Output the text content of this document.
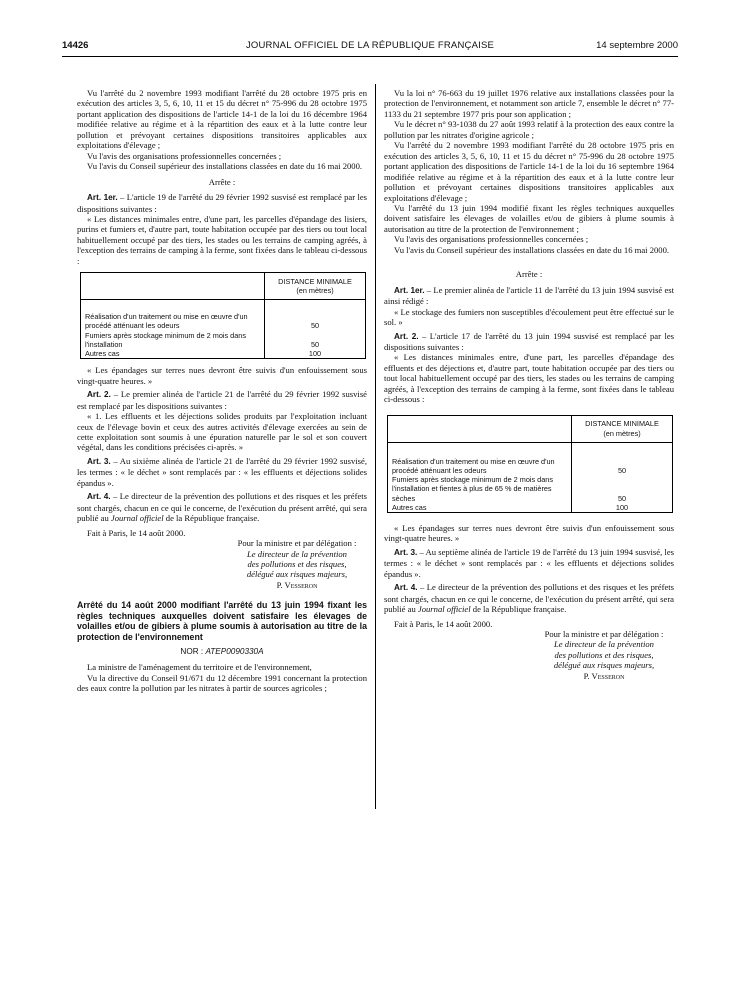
14426	JOURNAL OFFICIEL DE LA RÉPUBLIQUE FRANÇAISE	14 septembre 2000

Vu l'arrêté du 2 novembre 1993 modifiant l'arrêté du 28 octobre 1975 pris en exécution des articles 3, 5, 6, 10, 11 et 15 du décret n° 75-996 du 28 octobre 1975 portant application des dispositions de l'article 14-1 de la loi du 16 décembre 1964 modifiée relative au régime et à la répartition des eaux et à la lutte contre leur pollution et prévoyant certaines dispositions transitoires applicables aux exploitations d'élevage ;

Vu l'avis des organisations professionnelles concernées ;

Vu l'avis du Conseil supérieur des installations classées en date du 16 mai 2000.

Arrête :

Art. 1er. – L'article 19 de l'arrêté du 29 février 1992 susvisé est remplacé par les dispositions suivantes :

« Les distances minimales entre, d'une part, les parcelles d'épandage des lisiers, purins et fumiers et, d'autre part, toute habitation occupée par des tiers ou tout local habituellement occupé par des tiers, les stades ou les terrains de camping agréés, à l'exception des terrains de camping à la ferme, sont fixées dans le tableau ci-dessous :

	DISTANCE MINIMALE
(en mètres)

Réalisation d'un traitement ou mise en œuvre d'un procédé atténuant les odeurs	50
Fumiers après stockage minimum de 2 mois dans l'installation	50
Autres cas	100

« Les épandages sur terres nues devront être suivis d'un enfouissement sous vingt-quatre heures. »

Art. 2. – Le premier alinéa de l'article 21 de l'arrêté du 29 février 1992 susvisé est remplacé par les dispositions suivantes :

« 1. Les effluents et les déjections solides produits par l'exploitation incluant ceux de l'élevage bovin et ceux des autres activités d'élevage exercées au sein de cette exploitation sont soumis à une épuration naturelle par le sol et son couvert végétal, dans les conditions précisées ci-après. »

Art. 3. – Au sixième alinéa de l'article 21 de l'arrêté du 29 février 1992 susvisé, les termes : « le déchet » sont remplacés par : « les effluents et déjections solides épandus ».

Art. 4. – Le directeur de la prévention des pollutions et des risques et les préfets sont chargés, chacun en ce qui le concerne, de l'exécution du présent arrêté, qui sera publié au Journal officiel de la République française.

Fait à Paris, le 14 août 2000.

Pour la ministre et par délégation :

Le directeur de la prévention

des pollutions et des risques,

délégué aux risques majeurs,

P. Vesseron

Arrêté du 14 août 2000 modifiant l'arrêté du 13 juin 1994 fixant les règles techniques auxquelles doivent satisfaire les élevages de volailles et/ou de gibiers à plume soumis à autorisation au titre de la protection de l'environnement

NOR : ATEP0090330A

La ministre de l'aménagement du territoire et de l'environnement,

Vu la directive du Conseil 91/671 du 12 décembre 1991 concernant la protection des eaux contre la pollution par les nitrates à partir de sources agricoles ;

Vu la loi n° 76-663 du 19 juillet 1976 relative aux installations classées pour la protection de l'environnement, et notamment son article 7, ensemble le décret n° 77-1133 du 21 septembre 1977 pris pour son application ;

Vu le décret n° 93-1038 du 27 août 1993 relatif à la protection des eaux contre la pollution par les nitrates d'origine agricole ;

Vu l'arrêté du 2 novembre 1993 modifiant l'arrêté du 28 octobre 1975 pris en exécution des articles 3, 5, 6, 10, 11 et 15 du décret n° 75-996 du 28 octobre 1975 portant application des dispositions de l'article 14-1 de la loi du 16 septembre 1964 modifiée relative au régime et à la répartition des eaux et à la lutte contre leur pollution et prévoyant certaines dispositions transitoires applicables aux exploitations d'élevage ;

Vu l'arrêté du 13 juin 1994 modifié fixant les règles techniques auxquelles doivent satisfaire les élevages de volailles et/ou de gibiers à plume soumis à autorisation au titre de la protection de l'environnement ;

Vu l'avis des organisations professionnelles concernées ;

Vu l'avis du Conseil supérieur des installations classées en date du 16 mai 2000.

Arrête :

Art. 1er. – Le premier alinéa de l'article 11 de l'arrêté du 13 juin 1994 susvisé est ainsi rédigé :

« Le stockage des fumiers non susceptibles d'écoulement peut être effectué sur le sol. »

Art. 2. – L'article 17 de l'arrêté du 13 juin 1994 susvisé est remplacé par les dispositions suivantes :

« Les distances minimales entre, d'une part, les parcelles d'épandage des effluents et des déjections et, d'autre part, toute habitation occupée par des tiers ou tout local habituellement occupé par des tiers, les stades ou les terrains de camping agréés, à l'exception des terrains de camping à la ferme, sont fixées dans le tableau ci-dessous :

	DISTANCE MINIMALE
(en mètres)

Réalisation d'un traitement ou mise en œuvre d'un procédé atténuant les odeurs	50
Fumiers après stockage minimum de 2 mois dans l'installation et fientes à plus de 65 % de matières sèches	50
Autres cas	100

« Les épandages sur terres nues devront être suivis d'un enfouissement sous vingt-quatre heures. »

Art. 3. – Au septième alinéa de l'article 19 de l'arrêté du 13 juin 1994 susvisé, les termes : « le déchet » sont remplacés par : « les effluents et déjections solides épandus ».

Art. 4. – Le directeur de la prévention des pollutions et des risques et les préfets sont chargés, chacun en ce qui le concerne, de l'exécution du présent arrêté, qui sera publié au Journal officiel de la République française.

Fait à Paris, le 14 août 2000.

Pour la ministre et par délégation :

Le directeur de la prévention

des pollutions et des risques,

délégué aux risques majeurs,

P. Vesseron
